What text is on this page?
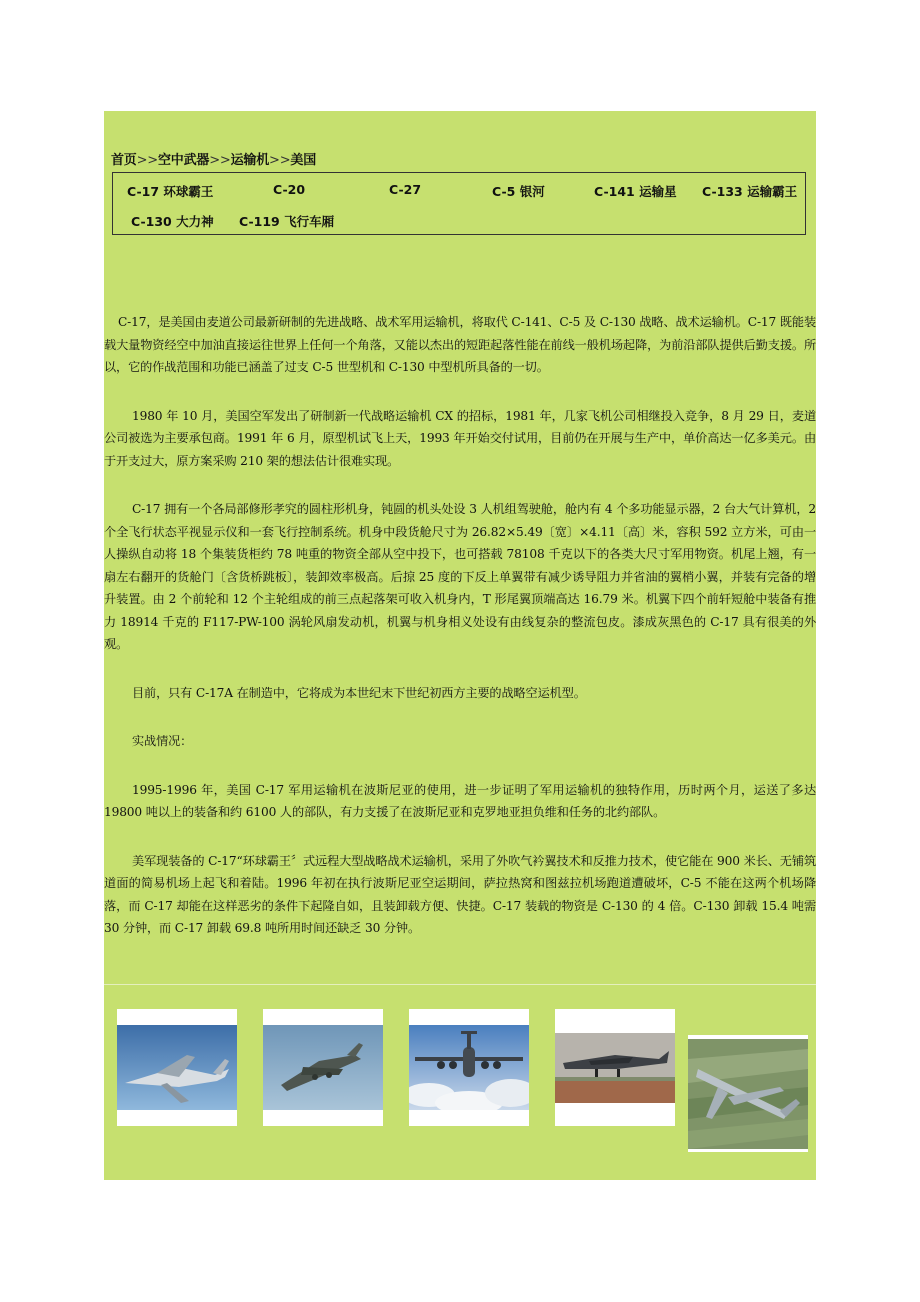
首页>>空中武器>>运输机>>美国
C-17 环球霸王	C-20	C-27	C-5 银河	C-141 运输星 C-133 运输霸王
C-130 大力神 C-119 飞行车厢

C-17，是美国由麦道公司最新研制的先进战略、战术军用运输机，将取代 C-141、C-5 及 C-130 战略、战术运输机。C-17 既能装载大量物资经空中加油直接运往世界上任何一个角落，又能以杰出的短距起落性能在前线一般机场起降，为前沿部队提供后勤支援。所以，它的作战范围和功能已涵盖了过支 C-5 世型机和 C-130 中型机所具备的一切。

1980 年 10 月，美国空军发出了研制新一代战略运输机 CX 的招标，1981 年，几家飞机公司相继投入竞争，8 月 29 日，麦道公司被选为主要承包商。1991 年 6 月，原型机试飞上天，1993 年开始交付试用，目前仍在开展与生产中，单价高达一亿多美元。由于开支过大，原方案采购 210 架的想法估计很难实现。

C-17 拥有一个各局部修形孝究的圆柱形机身，钝圆的机头处设 3 人机组驾驶舱，舱内有 4 个多功能显示器，2 台大气计算机，2 个全飞行状态平视显示仪和一套飞行控制系统。机身中段货舱尺寸为 26.82×5.49〔宽〕×4.11〔高〕米，容积 592 立方米，可由一人操纵自动将 18 个集装货柜约 78 吨重的物资全部从空中投下，也可搭载 78108 千克以下的各类大尺寸军用物资。机尾上翘，有一扇左右翻开的货舱门〔含货桥跳板〕，装卸效率极高。后掠 25 度的下反上单翼带有减少诱导阻力并省油的翼梢小翼，并装有完备的增升装置。由 2 个前轮和 12 个主轮组成的前三点起落架可收入机身内，T 形尾翼顶端高达 16.79 米。机翼下四个前轩短舱中装备有推力 18914 千克的 F117-PW-100 涡轮风扇发动机，机翼与机身相义处设有由线复杂的整流包皮。漆成灰黑色的 C-17 具有很美的外观。

目前，只有 C-17A 在制造中，它将成为本世纪末下世纪初西方主要的战略空运机型。

实战情况：

1995-1996 年，美国 C-17 军用运输机在波斯尼亚的使用，进一步证明了军用运输机的独特作用，历时两个月，运送了多达 19800 吨以上的装备和约 6100 人的部队，有力支援了在波斯尼亚和克罗地亚担负维和任务的北约部队。

美军现装备的 C-17“环球霸王〞式远程大型战略战术运输机，采用了外吹气衿翼技术和反推力技术，使它能在 900 米长、无铺筑道面的简易机场上起飞和着陆。1996 年初在执行波斯尼亚空运期间，萨拉热窝和图兹拉机场跑道遭破坏，C-5 不能在这两个机场降落，而 C-17 却能在这样恶劣的条件下起隆自如，且装卸载方便、快捷。C-17 装载的物资是 C-130 的 4 倍。C-130 卸载 15.4 吨需 30 分钟，而 C-17 卸载 69.8 吨所用时间还缺乏 30 分钟。
